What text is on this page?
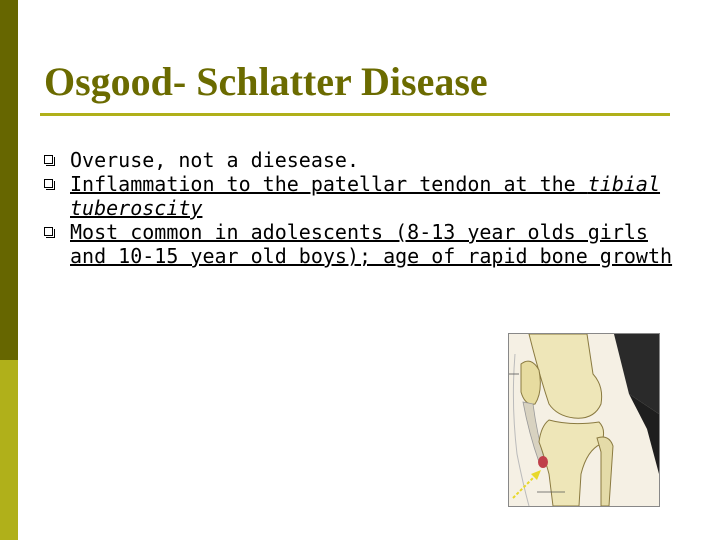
Osgood- Schlatter Disease
Overuse, not a diesease.
Inflammation to the patellar tendon at the tibial tuberoscity
Most common in adolescents (8-13 year olds girls and 10-15 year old boys); age of rapid bone growth
